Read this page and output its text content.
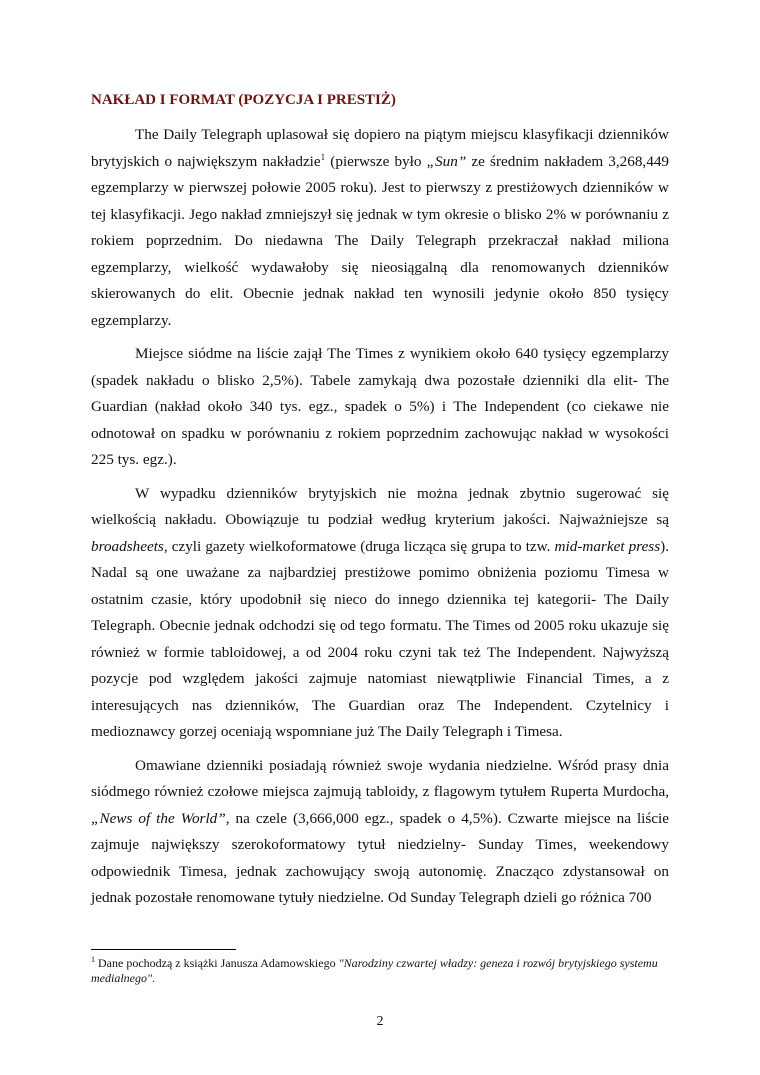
NAKŁAD I FORMAT (POZYCJA I PRESTIŻ)

The Daily Telegraph uplasował się dopiero na piątym miejscu klasyfikacji dzienników brytyjskich o największym nakładzie$^1$ (pierwsze było „Sun” ze średnim nakładem 3,268,449 egzemplarzy w pierwszej połowie 2005 roku). Jest to pierwszy z prestiżowych dzienników w tej klasyfikacji. Jego nakład zmniejszył się jednak w tym okresie o blisko 2% w porównaniu z rokiem poprzednim. Do niedawna The Daily Telegraph przekraczał nakład miliona egzemplarzy, wielkość wydawałoby się nieosiągalną dla renomowanych dzienników skierowanych do elit. Obecnie jednak nakład ten wynosili jedynie około 850 tysięcy egzemplarzy.

Miejsce siódme na liście zajął The Times z wynikiem około 640 tysięcy egzemplarzy (spadek nakładu o blisko 2,5%). Tabele zamykają dwa pozostałe dzienniki dla elit- The Guardian (nakład około 340 tys. egz., spadek o 5%) i The Independent (co ciekawe nie odnotował on spadku w porównaniu z rokiem poprzednim zachowując nakład w wysokości 225 tys. egz.).

W wypadku dzienników brytyjskich nie można jednak zbytnio sugerować się wielkością nakładu. Obowiązuje tu podział według kryterium jakości. Najważniejsze są broadsheets, czyli gazety wielkoformatowe (druga licząca się grupa to tzw. mid-market press). Nadal są one uważane za najbardziej prestiżowe pomimo obniżenia poziomu Timesa w ostatnim czasie, który upodobnił się nieco do innego dziennika tej kategorii- The Daily Telegraph. Obecnie jednak odchodzi się od tego formatu. The Times od 2005 roku ukazuje się również w formie tabloidowej, a od 2004 roku czyni tak też The Independent. Najwyższą pozycje pod względem jakości zajmuje natomiast niewątpliwie Financial Times, a z interesujących nas dzienników, The Guardian oraz The Independent. Czytelnicy i medioznawcy gorzej oceniają wspomniane już The Daily Telegraph i Timesa.

Omawiane dzienniki posiadają również swoje wydania niedzielne. Wśród prasy dnia siódmego również czołowe miejsca zajmują tabloidy, z flagowym tytułem Ruperta Murdocha, „News of the World”, na czele (3,666,000 egz., spadek o 4,5%). Czwarte miejsce na liście zajmuje największy szerokoformatowy tytuł niedzielny- Sunday Times, weekendowy odpowiednik Timesa, jednak zachowujący swoją autonomię. Znacząco zdystansował on jednak pozostałe renomowane tytuły niedzielne. Od Sunday Telegraph dzieli go różnica 700

$^1$ Dane pochodzą z książki Janusza Adamowskiego "Narodziny czwartej władzy: geneza i rozwój brytyjskiego systemu medialnego".

2
